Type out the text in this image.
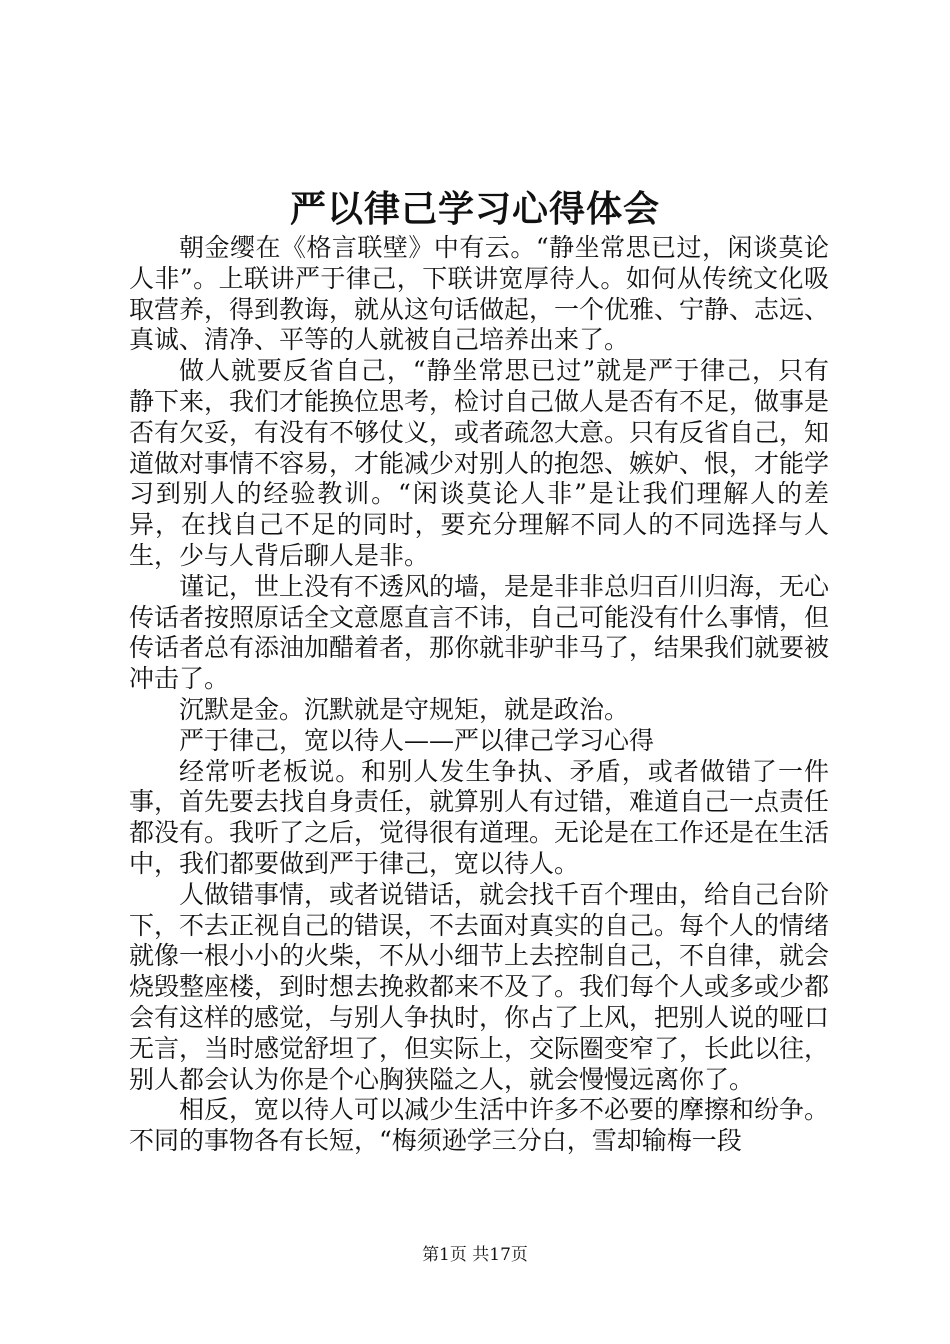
严以律己学习心得体会

朝金缨在《格言联壁》中有云。“静坐常思已过，闲谈莫论人非”。上联讲严于律己，下联讲宽厚待人。如何从传统文化吸取营养，得到教诲，就从这句话做起，一个优雅、宁静、志远、真诚、清净、平等的人就被自己培养出来了。

做人就要反省自己，“静坐常思已过”就是严于律己，只有静下来，我们才能换位思考，检讨自己做人是否有不足，做事是否有欠妥，有没有不够仗义，或者疏忽大意。只有反省自己，知道做对事情不容易，才能减少对别人的抱怨、嫉妒、恨，才能学习到别人的经验教训。“闲谈莫论人非”是让我们理解人的差异，在找自己不足的同时，要充分理解不同人的不同选择与人生，少与人背后聊人是非。

谨记，世上没有不透风的墙，是是非非总归百川归海，无心传话者按照原话全文意愿直言不讳，自己可能没有什么事情，但传话者总有添油加醋着者，那你就非驴非马了，结果我们就要被冲击了。

沉默是金。沉默就是守规矩，就是政治。

严于律己，宽以待人——严以律己学习心得

经常听老板说。和别人发生争执、矛盾，或者做错了一件事，首先要去找自身责任，就算别人有过错，难道自己一点责任都没有。我听了之后，觉得很有道理。无论是在工作还是在生活中，我们都要做到严于律己，宽以待人。

人做错事情，或者说错话，就会找千百个理由，给自己台阶下，不去正视自己的错误，不去面对真实的自己。每个人的情绪就像一根小小的火柴，不从小细节上去控制自己，不自律，就会烧毁整座楼，到时想去挽救都来不及了。我们每个人或多或少都会有这样的感觉，与别人争执时，你占了上风，把别人说的哑口无言，当时感觉舒坦了，但实际上，交际圈变窄了，长此以往，别人都会认为你是个心胸狭隘之人，就会慢慢远离你了。

相反，宽以待人可以减少生活中许多不必要的摩擦和纷争。不同的事物各有长短，“梅须逊学三分白，雪却输梅一段

第1页 共17页
